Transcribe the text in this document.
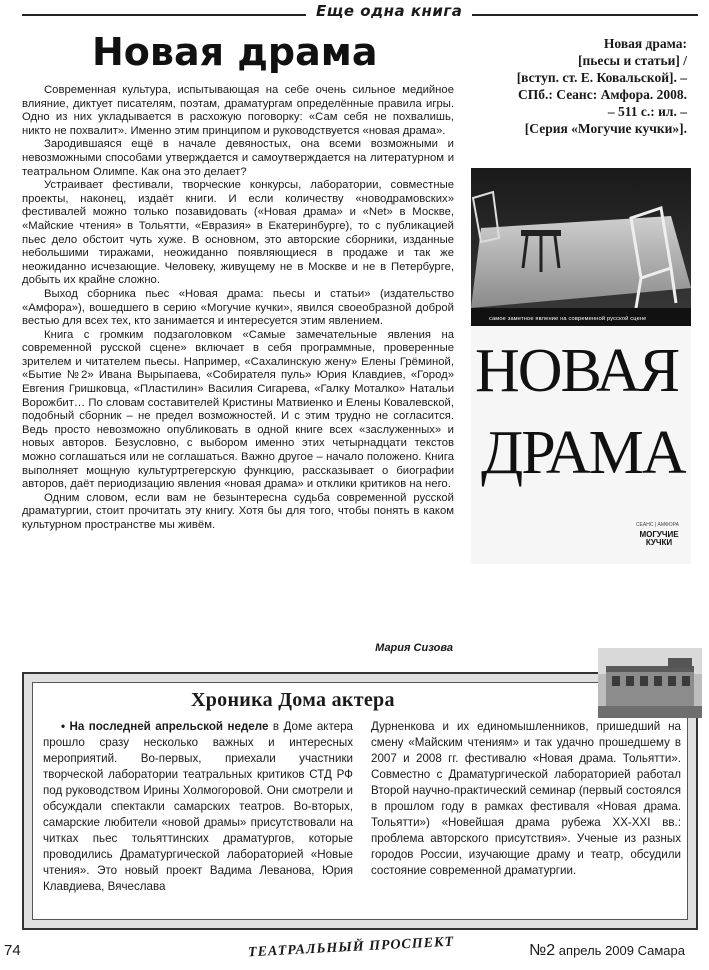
Еще одна книга
Новая драма	Новая драма:
[пьесы и статьи] /
[вступ. ст. Е. Ковальской]. –
СПб.: Сеанс: Амфора. 2008.
– 511 с.: ил. –
[Серия «Могучие кучки»].

Современная культура, испытывающая на себе очень сильное медийное влияние, диктует писателям, поэтам, драматургам определённые правила игры. Одно из них укладывается в расхожую поговорку: «Сам себя не похвалишь, никто не похвалит». Именно этим принципом и руководствуется «новая драма».

Зародившаяся ещё в начале девяностых, она всеми возможными и невозможными способами утверждается и самоутверждается на литературном и театральном Олимпе. Как она это делает?

Устраивает фестивали, творческие конкурсы, лаборатории, совместные проекты, наконец, издаёт книги. И если количеству «новодрамовских» фестивалей можно только позавидовать («Новая драма» и «Net» в Москве, «Майские чтения» в Тольятти, «Евразия» в Екатеринбурге), то с публикацией пьес дело обстоит чуть хуже. В основном, это авторские сборники, изданные небольшими тиражами, неожиданно появляющиеся в продаже и так же неожиданно исчезающие. Человеку, живущему не в Москве и не в Петербурге, добыть их крайне сложно.

Выход сборника пьес «Новая драма: пьесы и статьи» (издательство «Амфора»), вошедшего в серию «Могучие кучки», явился своеобразной доброй вестью для всех тех, кто занимается и интересуется этим явлением.

Книга с громким подзаголовком «Самые замечательные явления на современной русской сцене» включает в себя программные, проверенные зрителем и читателем пьесы. Например, «Сахалинскую жену» Елены Грёминой, «Бытие №2» Ивана Вырыпаева, «Собирателя пуль» Юрия Клавдиев, «Город» Евгения Гришковца, «Пластилин» Василия Сигарева, «Галку Моталко» Натальи Ворожбит… По словам составителей Кристины Матвиенко и Елены Ковалевской, подобный сборник – не предел возможностей. И с этим трудно не согласится. Ведь просто невозможно опубликовать в одной книге всех «заслуженных» и новых авторов. Безусловно, с выбором именно этих четырнадцати текстов можно соглашаться или не соглашаться. Важно другое – начало положено. Книга выполняет мощную культуртрегерскую функцию, рассказывает о биографии авторов, даёт периодизацию явления «новая драма» и отклики критиков на него.

Одним словом, если вам не безынтересна судьба современной русской драматургии, стоит прочитать эту книгу. Хотя бы для того, чтобы понять в каком культурном пространстве мы живём.

Мария Сизова
самое заметное явление на современной русской сцене
НОВАЯ
ДРАМА
СЕАНС | АМФОРА
МОГУЧИЕ
КУЧКИ
Хроника Дома актера

• На последней апрельской неделе в Доме актера прошло сразу несколько важных и интересных мероприятий. Во-первых, приехали участники творческой лаборатории театральных критиков СТД РФ под руководством Ирины Холмогоровой. Они смотрели и обсуждали спектакли самарских театров. Во-вторых, самарские любители «новой драмы» присутствовали на читках пьес тольяттинских драматургов, которые проводились Драматургической лабораторией «Новые чтения». Это новый проект Вадима Леванова, Юрия Клавдиева, Вячеслава

Дурненкова и их единомышленников, пришедший на смену «Майским чтениям» и так удачно прошедшему в 2007 и 2008 гг. фестивалю «Новая драма. Тольятти». Совместно с Драматургической лабораторией работал Второй научно-практический семинар (первый состоялся в прошлом году в рамках фестиваля «Новая драма. Тольятти») «Новейшая драма рубежа XX-XXI вв.: проблема авторского присутствия». Ученые из разных городов России, изучающие драму и театр, обсудили состояние современной драматургии.

74	ТЕАТРАЛЬНЫЙ ПРОСПЕКТ	№2 апрель 2009 Самара
